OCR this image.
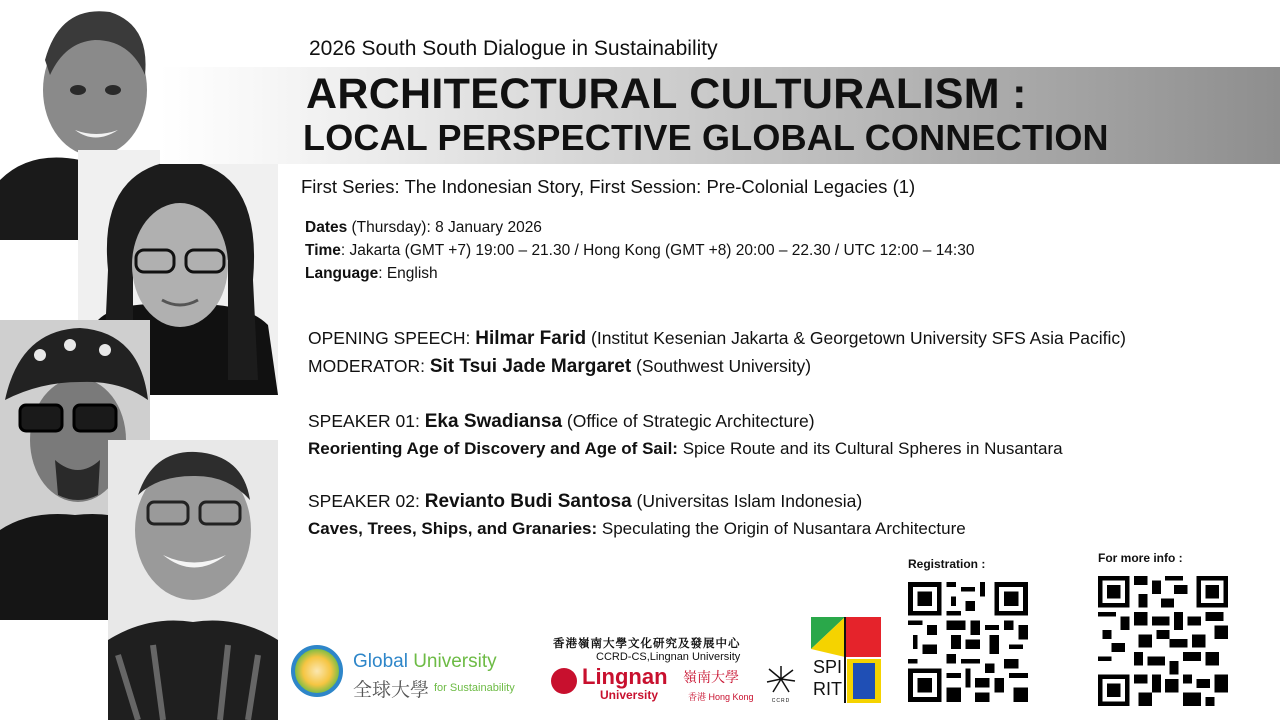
2026 South South Dialogue in Sustainability
ARCHITECTURAL CULTURALISM :
LOCAL PERSPECTIVE GLOBAL CONNECTION
First Series: The Indonesian Story, First Session: Pre-Colonial Legacies (1)
Dates (Thursday): 8 January 2026
Time: Jakarta (GMT +7) 19:00 – 21.30 / Hong Kong (GMT +8) 20:00 – 22.30 / UTC 12:00 – 14:30
Language: English
OPENING SPEECH: Hilmar Farid (Institut Kesenian Jakarta & Georgetown University SFS Asia Pacific)
MODERATOR: Sit Tsui Jade Margaret (Southwest University)
SPEAKER 01: Eka Swadiansa (Office of Strategic Architecture)
Reorienting Age of Discovery and Age of Sail: Spice Route and its Cultural Spheres in Nusantara
SPEAKER 02: Revianto Budi Santosa (Universitas Islam Indonesia)
Caves, Trees, Ships, and Granaries: Speculating the Origin of Nusantara Architecture
Registration :	For more info :
Global University
全球大學 for Sustainability
香港嶺南大學文化研究及發展中心
CCRD-CS,Lingnan University
Lingnan
University
嶺南大學
香港 Hong Kong	CCRD
SPI
RIT
